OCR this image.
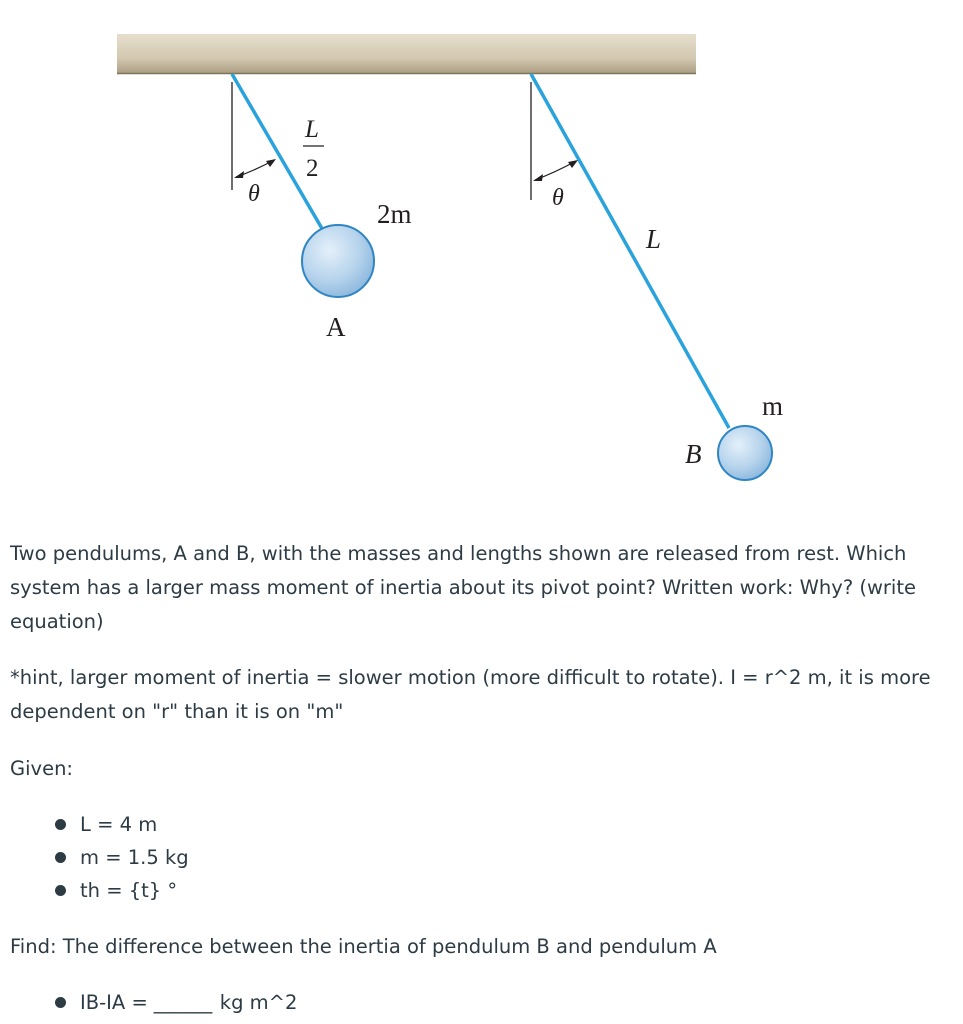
θ
L
2
2m
A
θ
L
m
B

Two pendulums, A and B, with the masses and lengths shown are released from rest. Which system has a larger mass moment of inertia about its pivot point? Written work: Why? (write equation)

*hint, larger moment of inertia = slower motion (more difficult to rotate). I = r^2 m, it is more dependent on "r" than it is on "m"

Given:

L = 4 m
m = 1.5 kg
th = {t} °

Find: The difference between the inertia of pendulum B and pendulum A

IB-IA = ______ kg m^2
